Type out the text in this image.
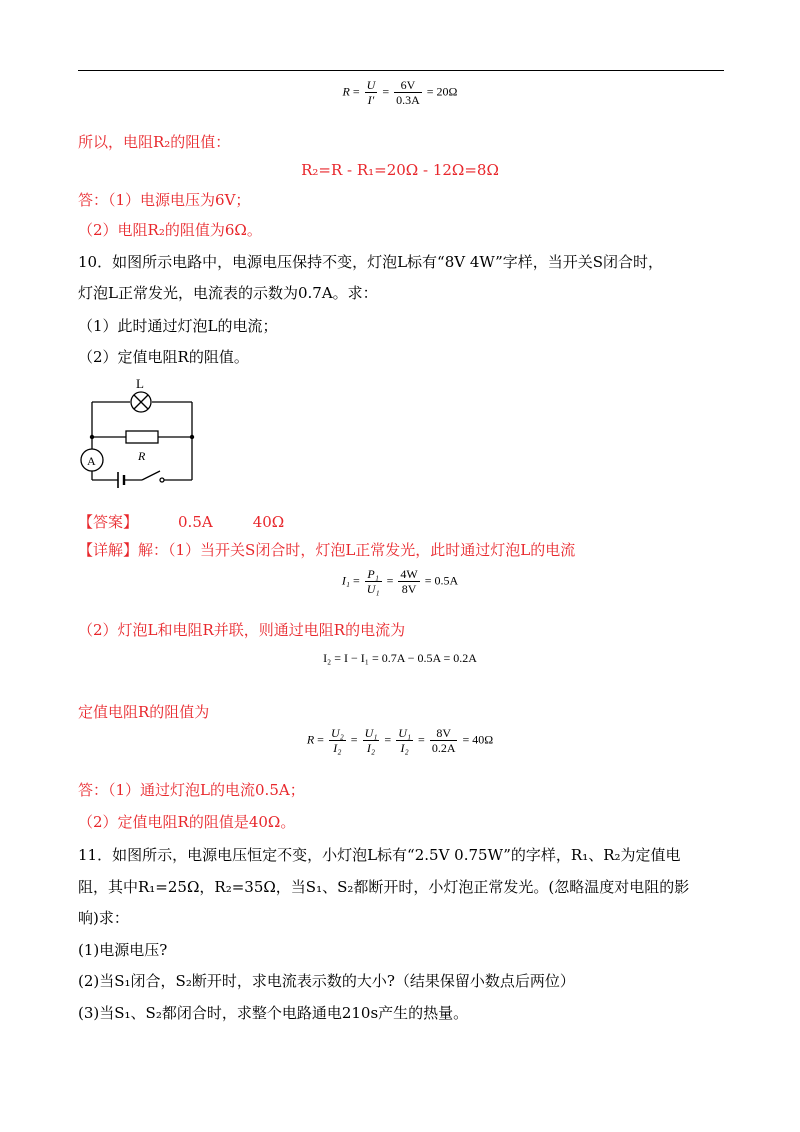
$R = \frac{U}{I'} = \frac{6V}{0.3A} = 20\Omega$
所以，电阻R₂的阻值：
R₂=R - R₁=20Ω - 12Ω=8Ω
答：（1）电源电压为6V；
（2）电阻R₂的阻值为6Ω。
10．如图所示电路中，电源电压保持不变，灯泡L标有“8V 4W”字样，当开关S闭合时，
灯泡L正常发光，电流表的示数为0.7A。求：
（1）此时通过灯泡L的电流；
（2）定值电阻R的阻值。
L
R
A
【答案】	0.5A	40Ω
【详解】解：（1）当开关S闭合时，灯泡L正常发光，此时通过灯泡L的电流
$I_1 = \frac{\text{P₁}}{\text{U₁}} = \frac{4W}{8V} = 0.5A$
（2）灯泡L和电阻R并联，则通过电阻R的电流为
I₂ = I − I₁ = 0.7A − 0.5A = 0.2A
定值电阻R的阻值为
$R = \frac{\text{U₂}}{\text{I₂}} = \frac{\text{U₁}}{\text{I₂}} = \frac{\text{U₁}}{\text{I₂}} = \frac{8V}{0.2A} = 40\Omega$
答：（1）通过灯泡L的电流0.5A；
（2）定值电阻R的阻值是40Ω。
11．如图所示，电源电压恒定不变，小灯泡L标有“2.5V 0.75W”的字样，R₁、R₂为定值电
阻，其中R₁=25Ω，R₂=35Ω，当S₁、S₂都断开时，小灯泡正常发光。(忽略温度对电阻的影
响)求：
(1)电源电压?
(2)当S₁闭合，S₂断开时，求电流表示数的大小?（结果保留小数点后两位）
(3)当S₁、S₂都闭合时，求整个电路通电210s产生的热量。
